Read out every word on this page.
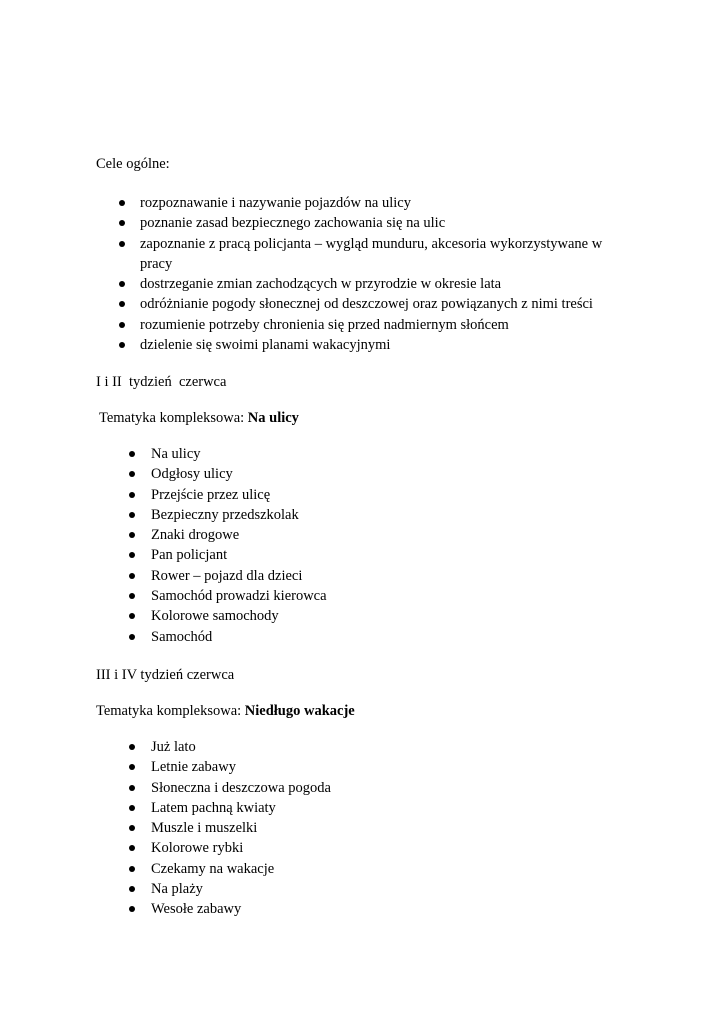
Cele ogólne:

rozpoznawanie i nazywanie pojazdów na ulicy
poznanie zasad bezpiecznego zachowania się na ulic
zapoznanie z pracą policjanta – wygląd munduru, akcesoria wykorzystywane w pracy
dostrzeganie zmian zachodzących w przyrodzie w okresie lata
odróżnianie pogody słonecznej od deszczowej oraz powiązanych z nimi treści
rozumienie potrzeby chronienia się przed nadmiernym słońcem
dzielenie się swoimi planami wakacyjnymi

I i II  tydzień  czerwca

Tematyka kompleksowa: Na ulicy

Na ulicy
Odgłosy ulicy
Przejście przez ulicę
Bezpieczny przedszkolak
Znaki drogowe
Pan policjant
Rower – pojazd dla dzieci
Samochód prowadzi kierowca
Kolorowe samochody
Samochód

III i IV tydzień czerwca

Tematyka kompleksowa: Niedługo wakacje

Już lato
Letnie zabawy
Słoneczna i deszczowa pogoda
Latem pachną kwiaty
Muszle i muszelki
Kolorowe rybki
Czekamy na wakacje
Na plaży
Wesołe zabawy
